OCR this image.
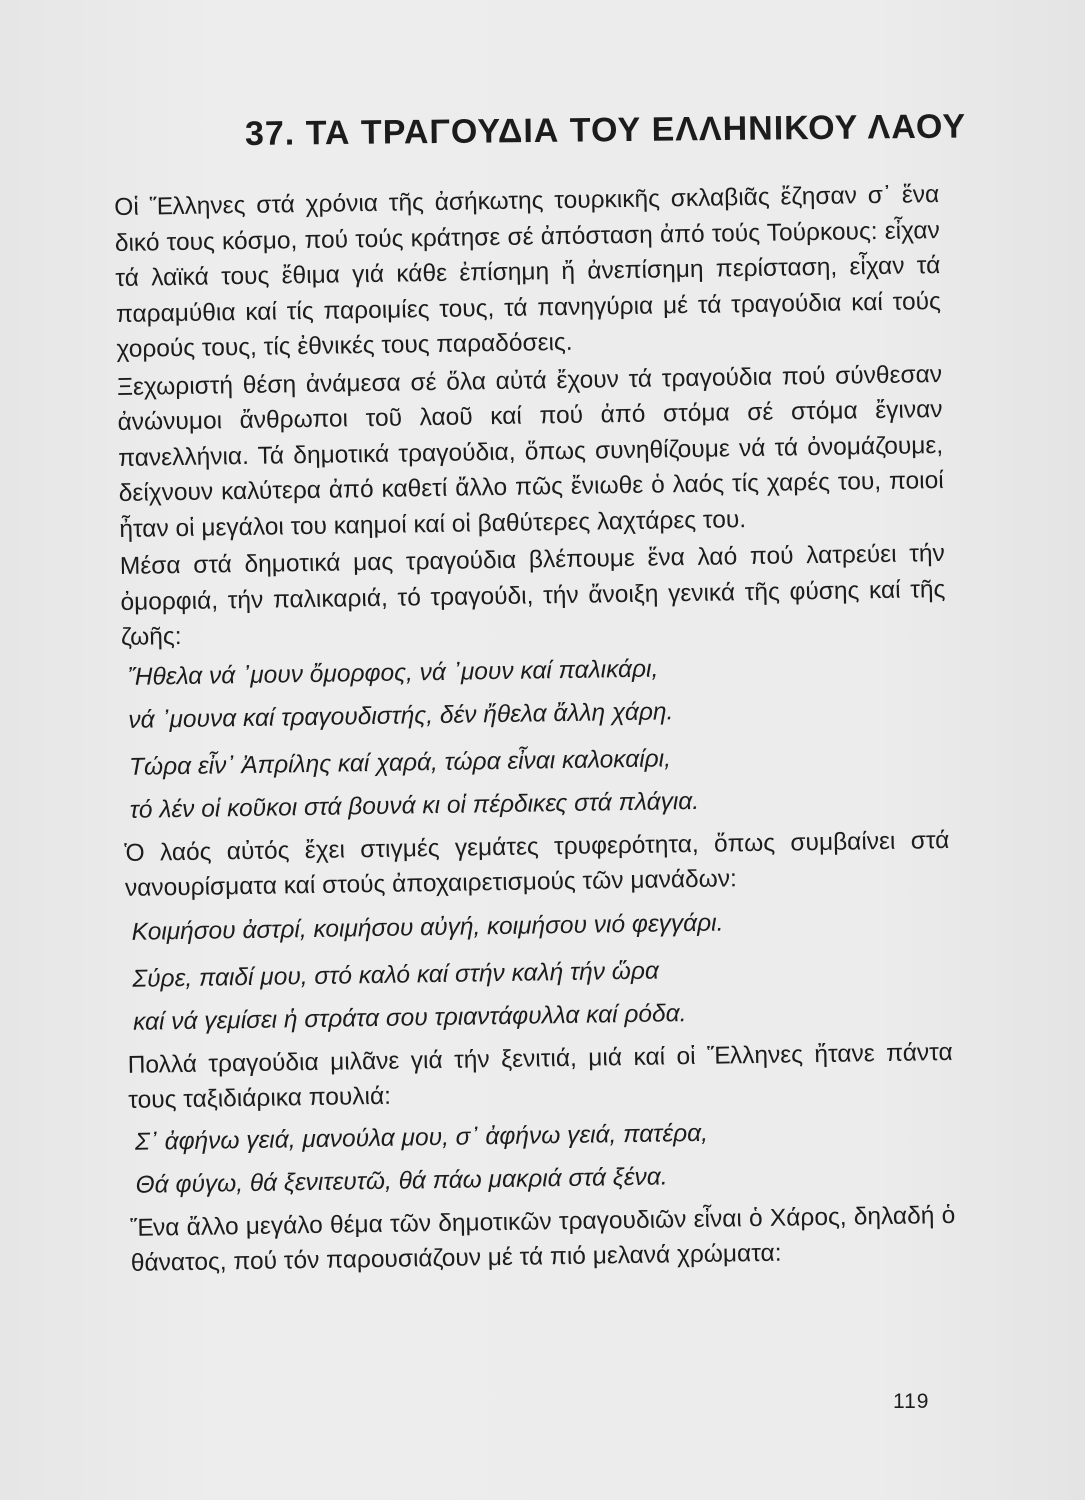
37. ΤΑ ΤΡΑΓΟΥΔΙΑ ΤΟΥ ΕΛΛΗΝΙΚΟΥ ΛΑΟΥ

Οἱ Ἕλληνες στά χρόνια τῆς ἀσήκωτης τουρκικῆς σκλαβιᾶς ἔζησαν σ᾽ ἕνα δικό τους κόσμο, πού τούς κράτησε σέ ἀπόσταση ἀπό τούς Τούρκους: εἶχαν τά λαϊκά τους ἔθιμα γιά κάθε ἐπίσημη ἤ ἀνεπίσημη περίσταση, εἶχαν τά παραμύθια καί τίς παροιμίες τους, τά πανηγύρια μέ τά τραγούδια καί τούς χορούς τους, τίς ἐθνικές τους παραδόσεις.

Ξεχωριστή θέση ἀνάμεσα σέ ὅλα αὐτά ἔχουν τά τραγούδια πού σύνθεσαν ἀνώνυμοι ἄνθρωποι τοῦ λαοῦ καί πού ἀπό στόμα σέ στόμα ἔγιναν πανελλήνια. Τά δημοτικά τραγούδια, ὅπως συνηθίζουμε νά τά ὀνομάζουμε, δείχνουν καλύτερα ἀπό καθετί ἄλλο πῶς ἔνιωθε ὁ λαός τίς χαρές του, ποιοί ἦταν οἱ μεγάλοι του καημοί καί οἱ βαθύτερες λαχτάρες του.

Μέσα στά δημοτικά μας τραγούδια βλέπουμε ἕνα λαό πού λατρεύει τήν ὀμορφιά, τήν παλικαριά, τό τραγούδι, τήν ἄνοιξη γενικά τῆς φύσης καί τῆς ζωῆς:

Ἤθελα νά ᾽μουν ὄμορφος, νά ᾽μουν καί παλικάρι,
νά ᾽μουνα καί τραγουδιστής, δέν ἤθελα ἄλλη χάρη.
Τώρα εἶν᾽ Ἀπρίλης καί χαρά, τώρα εἶναι καλοκαίρι,
τό λέν οἱ κοῦκοι στά βουνά κι οἱ πέρδικες στά πλάγια.

Ὁ λαός αὐτός ἔχει στιγμές γεμάτες τρυφερότητα, ὅπως συμβαίνει στά νανουρίσματα καί στούς ἀποχαιρετισμούς τῶν μανάδων:

Κοιμήσου ἀστρί, κοιμήσου αὐγή, κοιμήσου νιό φεγγάρι.
Σύρε, παιδί μου, στό καλό καί στήν καλή τήν ὥρα
καί νά γεμίσει ἡ στράτα σου τριαντάφυλλα καί ρόδα.

Πολλά τραγούδια μιλᾶνε γιά τήν ξενιτιά, μιά καί οἱ Ἕλληνες ἤτανε πάντα τους ταξιδιάρικα πουλιά:

Σ᾽ ἀφήνω γειά, μανούλα μου, σ᾽ ἀφήνω γειά, πατέρα,
Θά φύγω, θά ξενιτευτῶ, θά πάω μακριά στά ξένα.

Ἕνα ἄλλο μεγάλο θέμα τῶν δημοτικῶν τραγουδιῶν εἶναι ὁ Χάρος, δηλαδή ὁ θάνατος, πού τόν παρουσιάζουν μέ τά πιό μελανά χρώματα:

119
